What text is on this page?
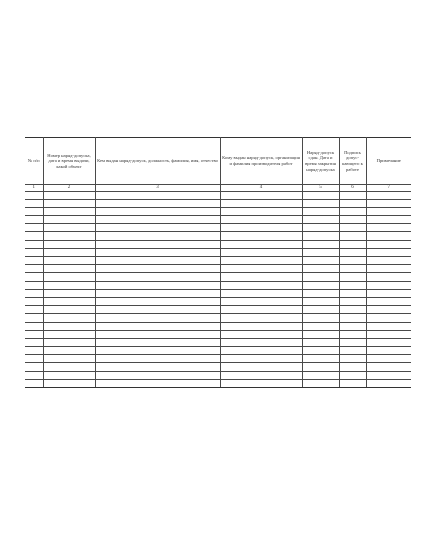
№ п/п	Номер наряд-допуска, дата и время выдачи, какой объект	Кем выдан наряд-допуск, должность, фамилия, имя, отчество	Кому выдан наряд-допуск, организация и фамилия производителя работ	Наряд-допуск сдан. Дата и время закрытия наряд-допуска	Подпись допус-кающего к работе	Примечание

1	2	3	4	5	6	7
